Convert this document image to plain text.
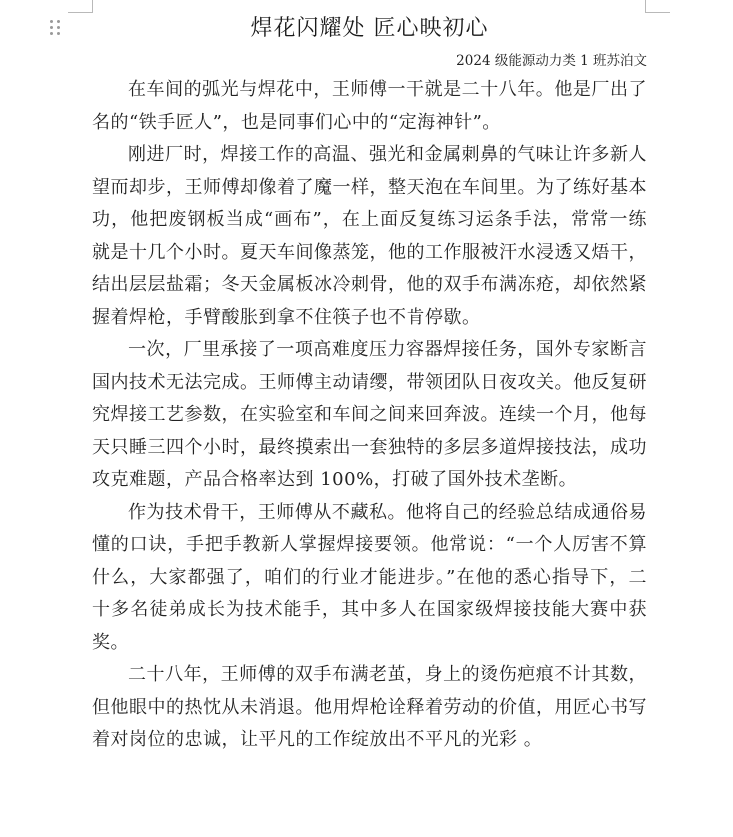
焊花闪耀处 匠心映初心

2024 级能源动力类 1 班苏泊文

在车间的弧光与焊花中，王师傅一干就是二十八年。他是厂出了名的“铁手匠人”，也是同事们心中的“定海神针”。

刚进厂时，焊接工作的高温、强光和金属刺鼻的气味让许多新人望而却步，王师傅却像着了魔一样，整天泡在车间里。为了练好基本功，他把废钢板当成“画布”，在上面反复练习运条手法，常常一练就是十几个小时。夏天车间像蒸笼，他的工作服被汗水浸透又焐干，结出层层盐霜；冬天金属板冰冷刺骨，他的双手布满冻疮，却依然紧握着焊枪，手臂酸胀到拿不住筷子也不肯停歇。

一次，厂里承接了一项高难度压力容器焊接任务，国外专家断言国内技术无法完成。王师傅主动请缨，带领团队日夜攻关。他反复研究焊接工艺参数，在实验室和车间之间来回奔波。连续一个月，他每天只睡三四个小时，最终摸索出一套独特的多层多道焊接技法，成功攻克难题，产品合格率达到 100%，打破了国外技术垄断。

作为技术骨干，王师傅从不藏私。他将自己的经验总结成通俗易懂的口诀，手把手教新人掌握焊接要领。他常说：“一个人厉害不算什么，大家都强了，咱们的行业才能进步。”在他的悉心指导下，二十多名徒弟成长为技术能手，其中多人在国家级焊接技能大赛中获奖。

二十八年，王师傅的双手布满老茧，身上的烫伤疤痕不计其数，但他眼中的热忱从未消退。他用焊枪诠释着劳动的价值，用匠心书写着对岗位的忠诚，让平凡的工作绽放出不平凡的光彩 。
